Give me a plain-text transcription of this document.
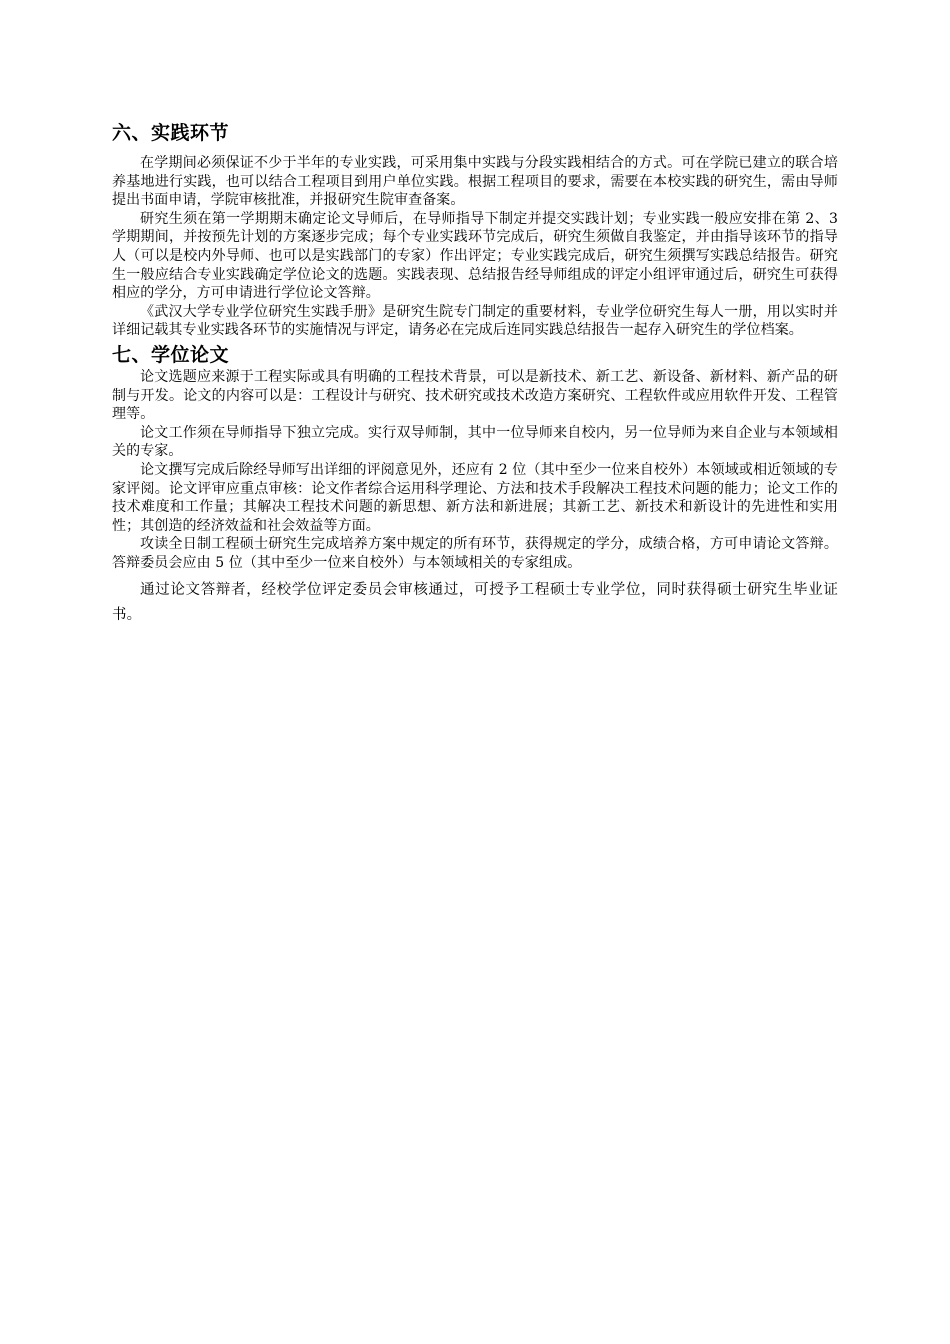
六、实践环节

在学期间必须保证不少于半年的专业实践，可采用集中实践与分段实践相结合的方式。可在学院已建立的联合培养基地进行实践，也可以结合工程项目到用户单位实践。根据工程项目的要求，需要在本校实践的研究生，需由导师提出书面申请，学院审核批准，并报研究生院审查备案。

研究生须在第一学期期末确定论文导师后，在导师指导下制定并提交实践计划；专业实践一般应安排在第 2、3 学期期间，并按预先计划的方案逐步完成；每个专业实践环节完成后，研究生须做自我鉴定，并由指导该环节的指导人（可以是校内外导师、也可以是实践部门的专家）作出评定；专业实践完成后，研究生须撰写实践总结报告。研究生一般应结合专业实践确定学位论文的选题。实践表现、总结报告经导师组成的评定小组评审通过后，研究生可获得相应的学分，方可申请进行学位论文答辩。

《武汉大学专业学位研究生实践手册》是研究生院专门制定的重要材料，专业学位研究生每人一册，用以实时并详细记载其专业实践各环节的实施情况与评定，请务必在完成后连同实践总结报告一起存入研究生的学位档案。

七、学位论文

论文选题应来源于工程实际或具有明确的工程技术背景，可以是新技术、新工艺、新设备、新材料、新产品的研制与开发。论文的内容可以是：工程设计与研究、技术研究或技术改造方案研究、工程软件或应用软件开发、工程管理等。

论文工作须在导师指导下独立完成。实行双导师制，其中一位导师来自校内，另一位导师为来自企业与本领域相关的专家。

论文撰写完成后除经导师写出详细的评阅意见外，还应有 2 位（其中至少一位来自校外）本领域或相近领域的专家评阅。论文评审应重点审核：论文作者综合运用科学理论、方法和技术手段解决工程技术问题的能力；论文工作的技术难度和工作量；其解决工程技术问题的新思想、新方法和新进展；其新工艺、新技术和新设计的先进性和实用性；其创造的经济效益和社会效益等方面。

攻读全日制工程硕士研究生完成培养方案中规定的所有环节，获得规定的学分，成绩合格，方可申请论文答辩。答辩委员会应由 5 位（其中至少一位来自校外）与本领域相关的专家组成。

通过论文答辩者，经校学位评定委员会审核通过，可授予工程硕士专业学位，同时获得硕士研究生毕业证书。
